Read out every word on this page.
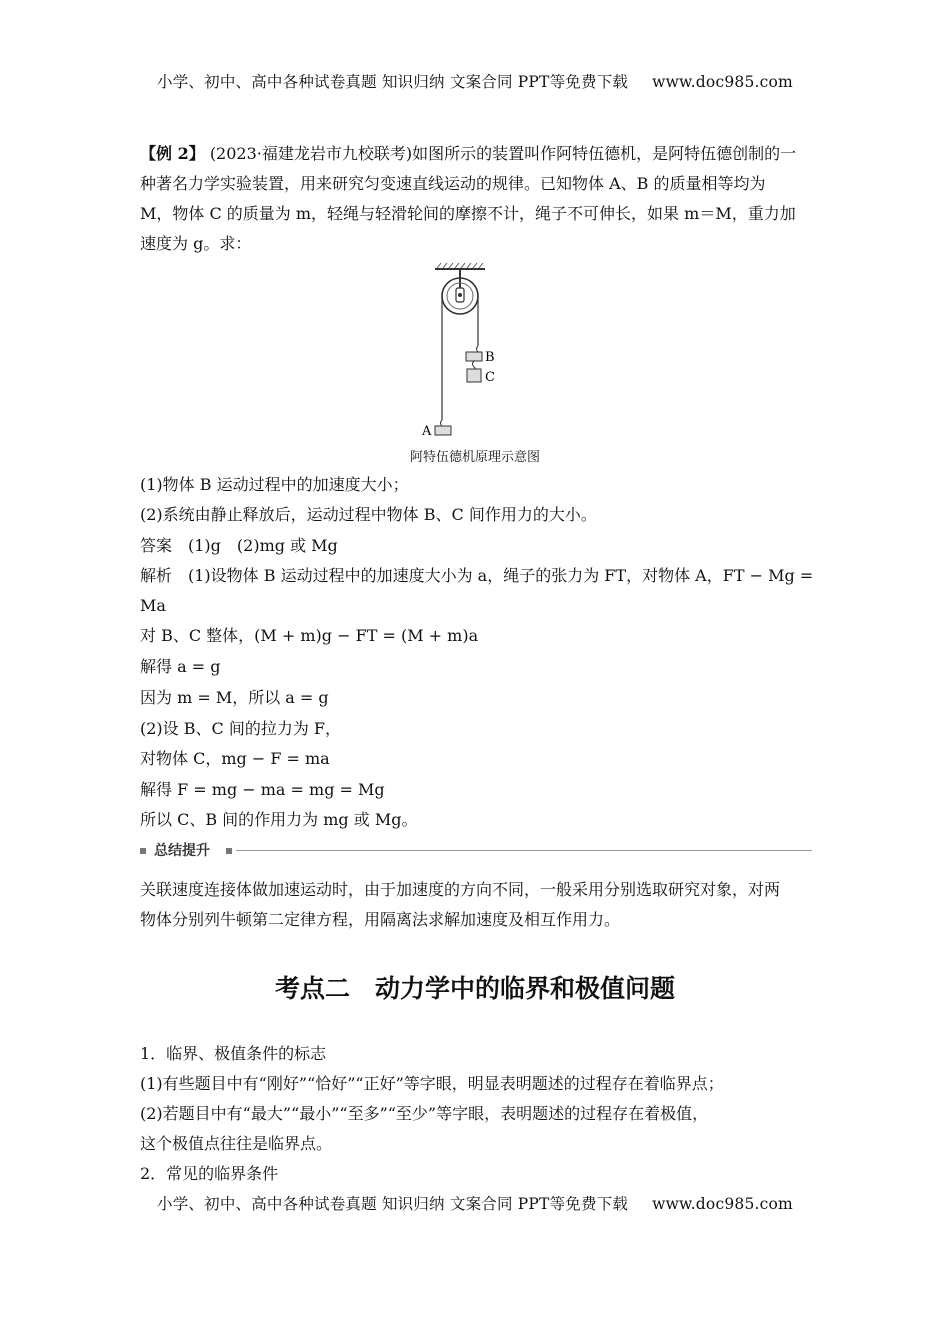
小学、初中、高中各种试卷真题 知识归纳 文案合同 PPT等免费下载 www.doc985.com
【例 2】 (2023·福建龙岩市九校联考)如图所示的装置叫作阿特伍德机，是阿特伍德创制的一
种著名力学实验装置，用来研究匀变速直线运动的规律。已知物体 A、B 的质量相等均为
M，物体 C 的质量为 m，轻绳与轻滑轮间的摩擦不计，绳子不可伸长，如果 m＝M，重力加
速度为 g。求：
B
C
A
阿特伍德机原理示意图
(1)物体 B 运动过程中的加速度大小；
(2)系统由静止释放后，运动过程中物体 B、C 间作用力的大小。
答案　(1)g　(2)mg 或 Mg
解析　(1)设物体 B 运动过程中的加速度大小为 a，绳子的张力为 FT，对物体 A，FT − Mg =
Ma
对 B、C 整体，(M + m)g − FT = (M + m)a
解得 a = g
因为 m = M，所以 a = g
(2)设 B、C 间的拉力为 F，
对物体 C，mg − F = ma
解得 F = mg − ma = mg = Mg
所以 C、B 间的作用力为 mg 或 Mg。
总结提升
关联速度连接体做加速运动时，由于加速度的方向不同，一般采用分别选取研究对象，对两
物体分别列牛顿第二定律方程，用隔离法求解加速度及相互作用力。
考点二　动力学中的临界和极值问题
1．临界、极值条件的标志
(1)有些题目中有“刚好”“恰好”“正好”等字眼，明显表明题述的过程存在着临界点；
(2)若题目中有“最大”“最小”“至多”“至少”等字眼，表明题述的过程存在着极值，
这个极值点往往是临界点。
2．常见的临界条件
小学、初中、高中各种试卷真题 知识归纳 文案合同 PPT等免费下载 www.doc985.com
